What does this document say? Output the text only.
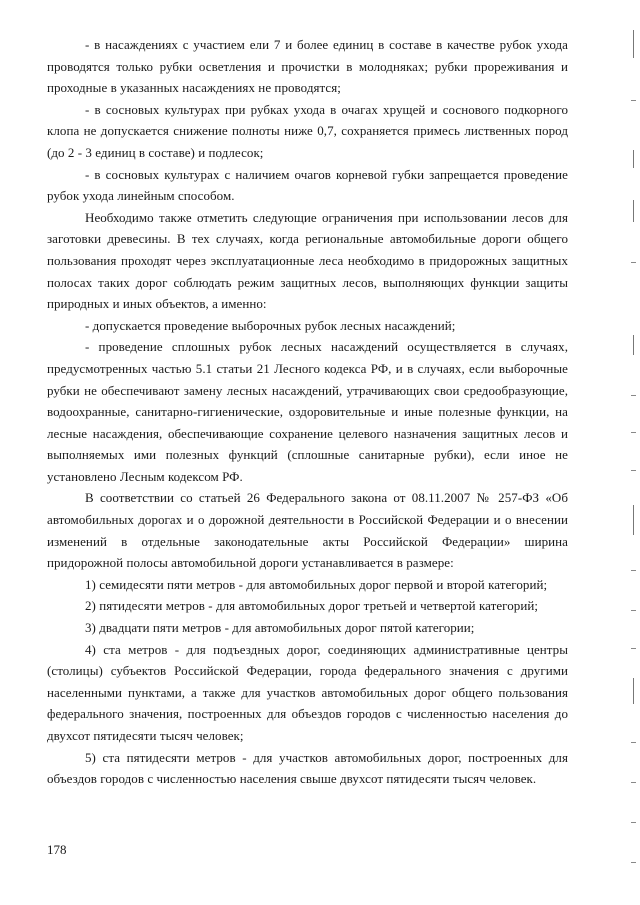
- в насаждениях с участием ели 7 и более единиц в составе в качестве рубок ухода проводятся только рубки осветления и прочистки в молодняках; рубки прореживания и проходные в указанных насаждениях не проводятся;

- в сосновых культурах при рубках ухода в очагах хрущей и соснового подкорного клопа не допускается снижение полноты ниже 0,7, сохраняется примесь лиственных пород (до 2 - 3 единиц в составе) и подлесок;

- в сосновых культурах с наличием очагов корневой губки запрещается проведение рубок ухода линейным способом.

Необходимо также отметить следующие ограничения при использовании лесов для заготовки древесины. В тех случаях, когда региональные автомобильные дороги общего пользования проходят через эксплуатационные леса необходимо в придорожных защитных полосах таких дорог соблюдать режим защитных лесов, выполняющих функции защиты природных и иных объектов, а именно:

- допускается проведение выборочных рубок лесных насаждений;

- проведение сплошных рубок лесных насаждений осуществляется в случаях, предусмотренных частью 5.1 статьи 21 Лесного кодекса РФ, и в случаях, если выборочные рубки не обеспечивают замену лесных насаждений, утрачивающих свои средообразующие, водоохранные, санитарно-гигиенические, оздоровительные и иные полезные функции, на лесные насаждения, обеспечивающие сохранение целевого назначения защитных лесов и выполняемых ими полезных функций (сплошные санитарные рубки), если иное не установлено Лесным кодексом РФ.

В соответствии со статьей 26 Федерального закона от 08.11.2007 № 257-ФЗ «Об автомобильных дорогах и о дорожной деятельности в Российской Федерации и о внесении изменений в отдельные законодательные акты Российской Федерации» ширина придорожной полосы автомобильной дороги устанавливается в размере:

1) семидесяти пяти метров - для автомобильных дорог первой и второй категорий;

2) пятидесяти метров - для автомобильных дорог третьей и четвертой категорий;

3) двадцати пяти метров - для автомобильных дорог пятой категории;

4) ста метров - для подъездных дорог, соединяющих административные центры (столицы) субъектов Российской Федерации, города федерального значения с другими населенными пунктами, а также для участков автомобильных дорог общего пользования федерального значения, построенных для объездов городов с численностью населения до двухсот пятидесяти тысяч человек;

5) ста пятидесяти метров - для участков автомобильных дорог, построенных для объездов городов с численностью населения свыше двухсот пятидесяти тысяч человек.

178
